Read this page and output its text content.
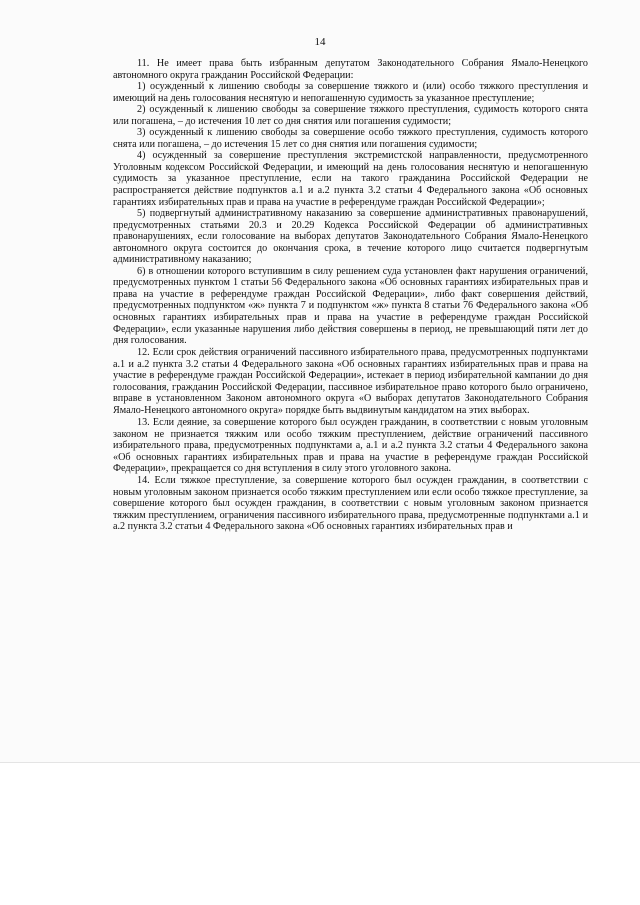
14

11. Не имеет права быть избранным депутатом Законодательного Собрания Ямало-Ненецкого автономного округа гражданин Российской Федерации:

1) осужденный к лишению свободы за совершение тяжкого и (или) особо тяжкого преступления и имеющий на день голосования неснятую и непогашенную судимость за указанное преступление;

2) осужденный к лишению свободы за совершение тяжкого преступления, судимость которого снята или погашена, – до истечения 10 лет со дня снятия или погашения судимости;

3) осужденный к лишению свободы за совершение особо тяжкого преступления, судимость которого снята или погашена, – до истечения 15 лет со дня снятия или погашения судимости;

4) осужденный за совершение преступления экстремистской направленности, предусмотренного Уголовным кодексом Российской Федерации, и имеющий на день голосования неснятую и непогашенную судимость за указанное преступление, если на такого гражданина Российской Федерации не распространяется действие подпунктов а.1 и а.2 пункта 3.2 статьи 4 Федерального закона «Об основных гарантиях избирательных прав и права на участие в референдуме граждан Российской Федерации»;

5) подвергнутый административному наказанию за совершение административных правонарушений, предусмотренных статьями 20.3 и 20.29 Кодекса Российской Федерации об административных правонарушениях, если голосование на выборах депутатов Законодательного Собрания Ямало-Ненецкого автономного округа состоится до окончания срока, в течение которого лицо считается подвергнутым административному наказанию;

6) в отношении которого вступившим в силу решением суда установлен факт нарушения ограничений, предусмотренных пунктом 1 статьи 56 Федерального закона «Об основных гарантиях избирательных прав и права на участие в референдуме граждан Российской Федерации», либо факт совершения действий, предусмотренных подпунктом «ж» пункта 7 и подпунктом «ж» пункта 8 статьи 76 Федерального закона «Об основных гарантиях избирательных прав и права на участие в референдуме граждан Российской Федерации», если указанные нарушения либо действия совершены в период, не превышающий пяти лет до дня голосования.

12. Если срок действия ограничений пассивного избирательного права, предусмотренных подпунктами а.1 и а.2 пункта 3.2 статьи 4 Федерального закона «Об основных гарантиях избирательных прав и права на участие в референдуме граждан Российской Федерации», истекает в период избирательной кампании до дня голосования, гражданин Российской Федерации, пассивное избирательное право которого было ограничено, вправе в установленном Законом автономного округа «О выборах депутатов Законодательного Собрания Ямало-Ненецкого автономного округа» порядке быть выдвинутым кандидатом на этих выборах.

13. Если деяние, за совершение которого был осужден гражданин, в соответствии с новым уголовным законом не признается тяжким или особо тяжким преступлением, действие ограничений пассивного избирательного права, предусмотренных подпунктами а, а.1 и а.2 пункта 3.2 статьи 4 Федерального закона «Об основных гарантиях избирательных прав и права на участие в референдуме граждан Российской Федерации», прекращается со дня вступления в силу этого уголовного закона.

14. Если тяжкое преступление, за совершение которого был осужден гражданин, в соответствии с новым уголовным законом признается особо тяжким преступлением или если особо тяжкое преступление, за совершение которого был осужден гражданин, в соответствии с новым уголовным законом признается тяжким преступлением, ограничения пассивного избирательного права, предусмотренные подпунктами а.1 и а.2 пункта 3.2 статьи 4 Федерального закона «Об основных гарантиях избирательных прав и
